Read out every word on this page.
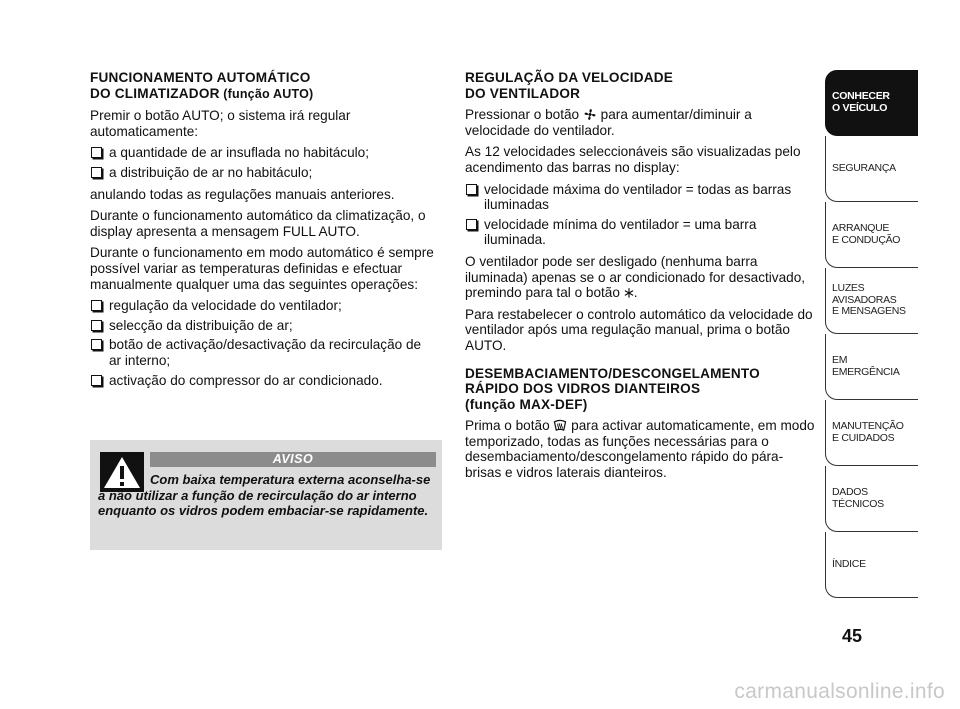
FUNCIONAMENTO AUTOMÁTICO
DO CLIMATIZADOR (função AUTO)

Premir o botão AUTO; o sistema irá regular automaticamente:

a quantidade de ar insuflada no habitáculo;
a distribuição de ar no habitáculo;

anulando todas as regulações manuais anteriores.

Durante o funcionamento automático da climatização, o display apresenta a mensagem FULL AUTO.

Durante o funcionamento em modo automático é sempre possível variar as temperaturas definidas e efectuar manualmente qualquer uma das seguintes operações:

regulação da velocidade do ventilador;
selecção da distribuição de ar;
botão de activação/desactivação da recirculação de ar interno;
activação do compressor do ar condicionado.
AVISO
Com baixa temperatura externa aconselha-se a não utilizar a função de recirculação do ar interno enquanto os vidros podem embaciar-se rapidamente.
REGULAÇÃO DA VELOCIDADE
DO VENTILADOR

Pressionar o botão  para aumentar/diminuir a velocidade do ventilador.

As 12 velocidades seleccionáveis são visualizadas pelo acendimento das barras no display:

velocidade máxima do ventilador = todas as barras iluminadas
velocidade mínima do ventilador = uma barra iluminada.

O ventilador pode ser desligado (nenhuma barra iluminada) apenas se o ar condicionado for desactivado, premindo para tal o botão .

Para restabelecer o controlo automático da velocidade do ventilador após uma regulação manual, prima o botão AUTO.

DESEMBACIAMENTO/DESCONGELAMENTO
RÁPIDO DOS VIDROS DIANTEIROS
(função MAX-DEF)

Prima o botão  para activar automaticamente, em modo temporizado, todas as funções necessárias para o desembaciamento/descongelamento rápido do pára-brisas e vidros laterais dianteiros.

CONHECER
O VEÍCULO
SEGURANÇA
ARRANQUE
E CONDUÇÃO
LUZES
AVISADORAS
E MENSAGENS
EM EMERGÊNCIA
MANUTENÇÃO
E CUIDADOS
DADOS
TÉCNICOS
ÍNDICE
45
carmanualsonline.info
